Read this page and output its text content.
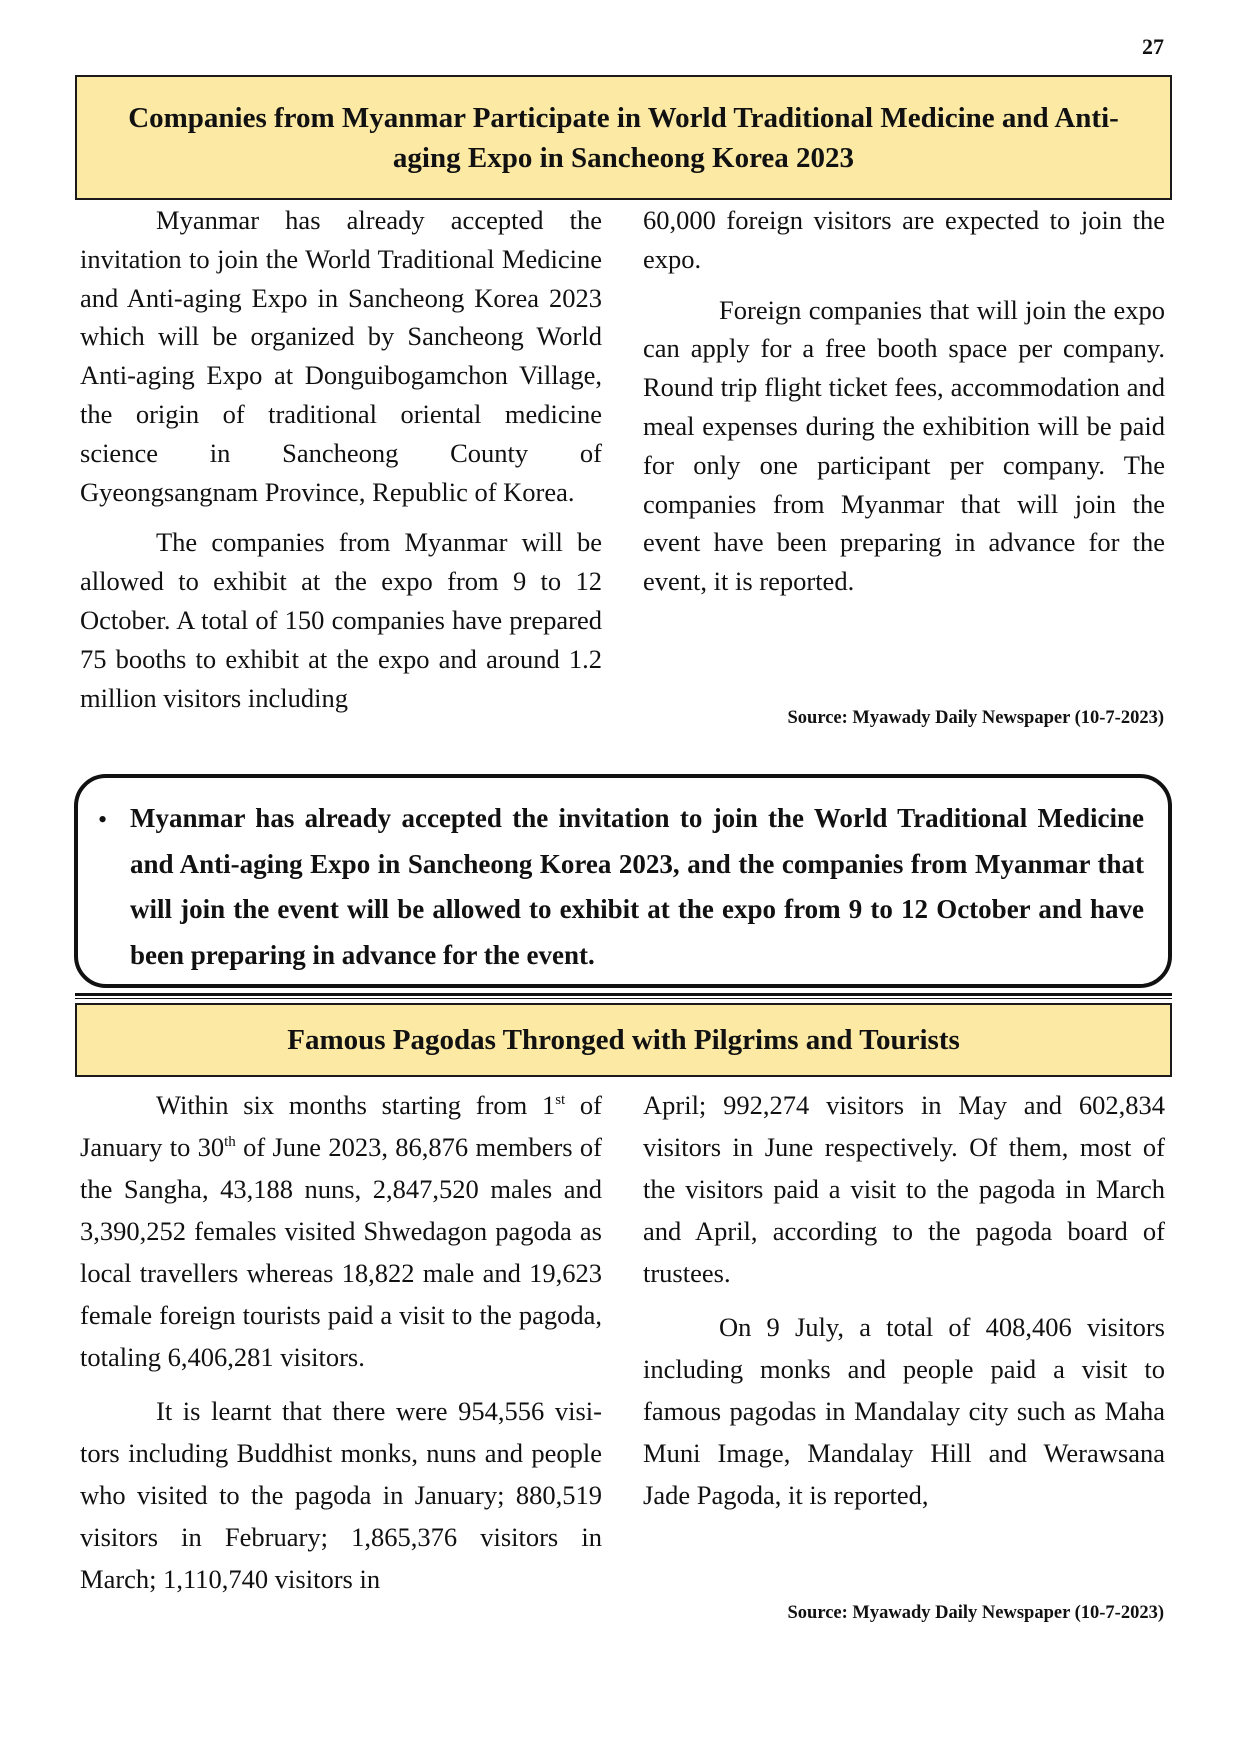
27
Companies from Myanmar Participate in World Traditional Medicine and Anti-aging Expo in Sancheong Korea 2023

Myanmar has already accepted the invitation to join the World Traditional Medicine and Anti-aging Expo in Sancheong Korea 2023 which will be organized by Sancheong World Anti-aging Expo at Donguibogamchon Village, the origin of traditional oriental medicine science in Sancheong County of Gyeongsangnam Province, Republic of Korea.

The companies from Myanmar will be allowed to exhibit at the expo from 9 to 12 October. A total of 150 companies have prepared 75 booths to exhibit at the expo and around 1.2 million visitors including

60,000 foreign visitors are expected to join the expo.

Foreign companies that will join the expo can apply for a free booth space per company. Round trip flight ticket fees, accommodation and meal expenses during the exhibition will be paid for only one participant per company. The companies from Myanmar that will join the event have been preparing in advance for the event, it is reported.

Source: Myawady Daily Newspaper (10-7-2023)
• Myanmar has already accepted the invitation to join the World Traditional Medicine and Anti-aging Expo in Sancheong Korea 2023, and the companies from Myanmar that will join the event will be allowed to exhibit at the expo from 9 to 12 October and have been preparing in advance for the event.
Famous Pagodas Thronged with Pilgrims and Tourists

Within six months starting from 1st of January to 30th of June 2023, 86,876 members of the Sangha, 43,188 nuns, 2,847,520 males and 3,390,252 females visited Shwedagon pagoda as local travellers whereas 18,822 male and 19,623 female foreign tourists paid a visit to the pagoda, totaling 6,406,281 visitors.

It is learnt that there were 954,556 visitors including Buddhist monks, nuns and people who visited to the pagoda in January; 880,519 visitors in February; 1,865,376 visitors in March; 1,110,740 visitors in

April; 992,274 visitors in May and 602,834 visitors in June respectively. Of them, most of the visitors paid a visit to the pagoda in March and April, according to the pagoda board of trustees.

On 9 July, a total of 408,406 visitors including monks and people paid a visit to famous pagodas in Mandalay city such as Maha Muni Image, Mandalay Hill and Werawsana Jade Pagoda, it is reported,

Source: Myawady Daily Newspaper (10-7-2023)
